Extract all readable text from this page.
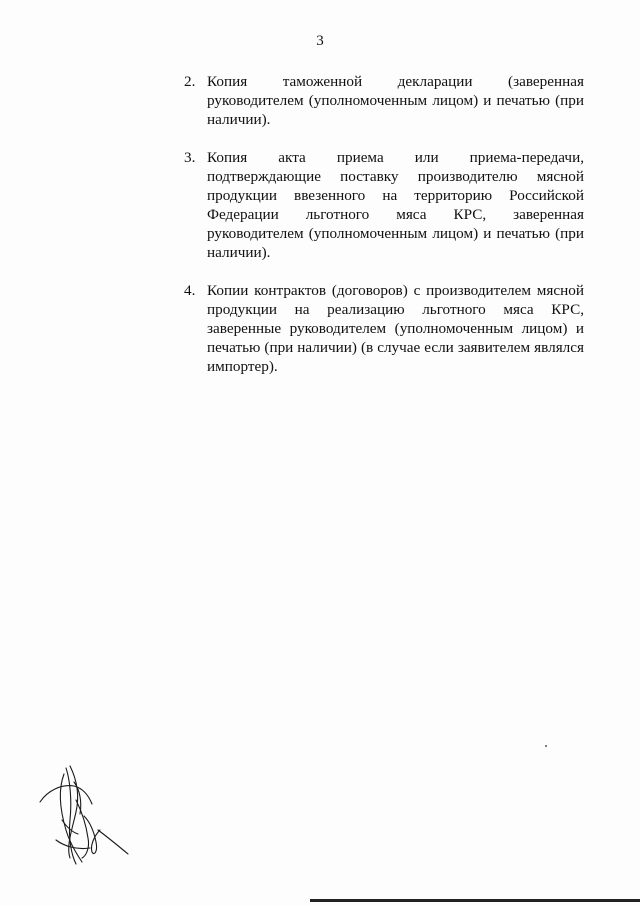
3
2. Копия таможенной декларации (заверенная руководителем (уполномоченным лицом) и печатью (при наличии).
3. Копия акта приема или приема-передачи, подтверждающие поставку производителю мясной продукции ввезенного на территорию Российской Федерации льготного мяса КРС, заверенная руководителем (уполномоченным лицом) и печатью (при наличии).
4. Копии контрактов (договоров) с производителем мясной продукции на реализацию льготного мяса КРС, заверенные руководителем (уполномоченным лицом) и печатью (при наличии) (в случае если заявителем являлся импортер).
